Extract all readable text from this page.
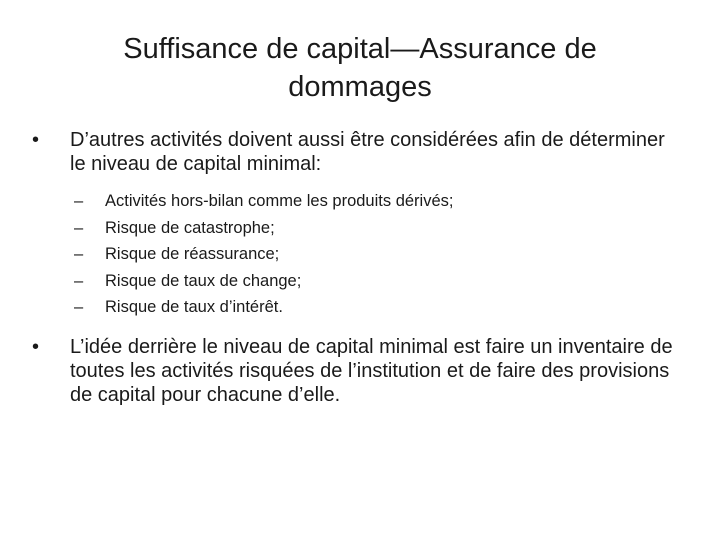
Suffisance de capital—Assurance de
dommages
•	D’autres activités doivent aussi être considérées afin de déterminer le niveau de capital minimal:
– Activités hors-bilan comme les produits dérivés;
– Risque de catastrophe;
– Risque de réassurance;
– Risque de taux de change;
– Risque de taux d’intérêt.
•	L’idée derrière le niveau de capital minimal est faire un inventaire de toutes les activités risquées de l’institution et de faire des provisions de capital pour chacune d’elle.
